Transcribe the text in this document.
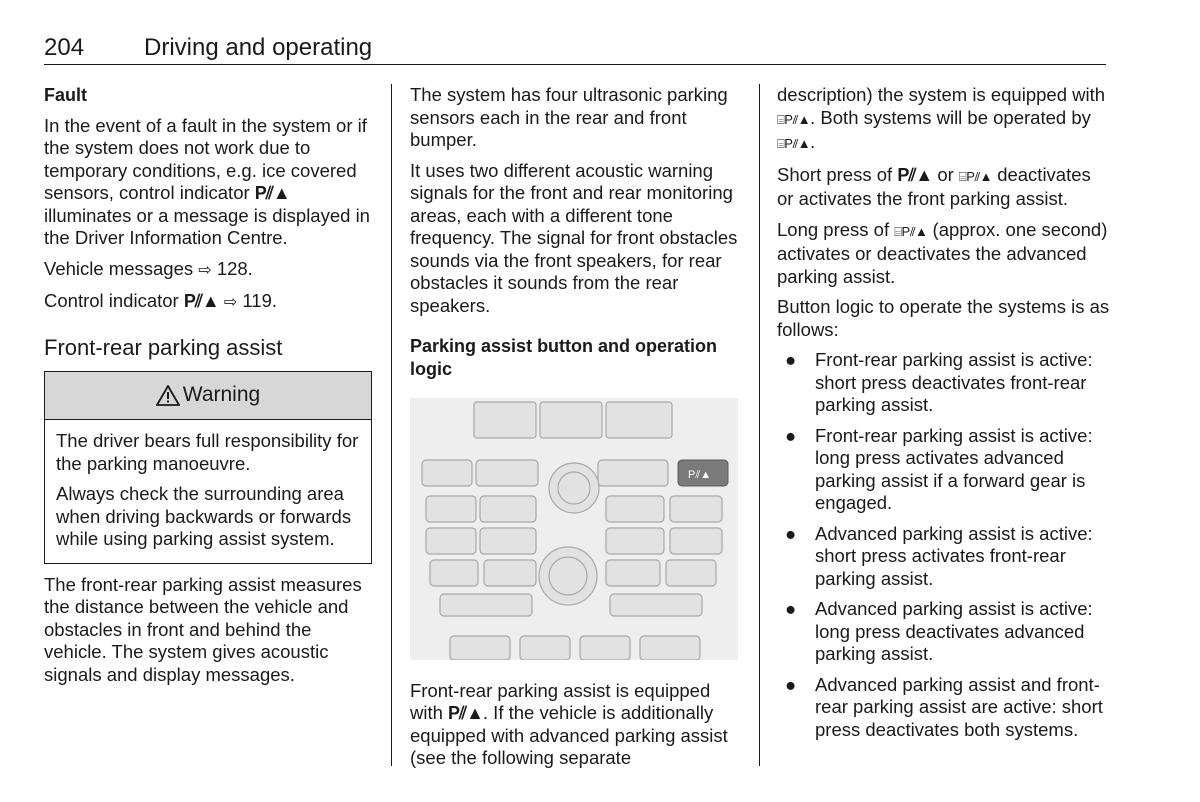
204 Driving and operating

Fault

In the event of a fault in the system or if the system does not work due to temporary conditions, e.g. ice covered sensors, control indicator P⫽▲ illuminates or a message is displayed in the Driver Information Centre.

Vehicle messages ⇨ 128.

Control indicator P⫽▲ ⇨ 119.

Front-rear parking assist
Warning

The driver bears full responsibility for the parking manoeuvre.

Always check the surrounding area when driving backwards or forwards while using parking assist system.

The front-rear parking assist measures the distance between the vehicle and obstacles in front and behind the vehicle. The system gives acoustic signals and display messages.

The system has four ultrasonic parking sensors each in the rear and front bumper.

It uses two different acoustic warning signals for the front and rear monitoring areas, each with a different tone frequency. The signal for front obstacles sounds via the front speakers, for rear obstacles it sounds from the rear speakers.

Parking assist button and operation logic

P⫽▲

Front-rear parking assist is equipped with P⫽▲. If the vehicle is additionally equipped with advanced parking assist (see the following separate

description) the system is equipped with ⌸P⫽▲. Both systems will be operated by ⌸P⫽▲.

Short press of P⫽▲ or ⌸P⫽▲ deactivates or activates the front parking assist.

Long press of ⌸P⫽▲ (approx. one second) activates or deactivates the advanced parking assist.

Button logic to operate the systems is as follows:

● Front-rear parking assist is active: short press deactivates front-rear parking assist.
● Front-rear parking assist is active: long press activates advanced parking assist if a forward gear is engaged.
● Advanced parking assist is active: short press activates front-rear parking assist.
● Advanced parking assist is active: long press deactivates advanced parking assist.
● Advanced parking assist and front-rear parking assist are active: short press deactivates both systems.
